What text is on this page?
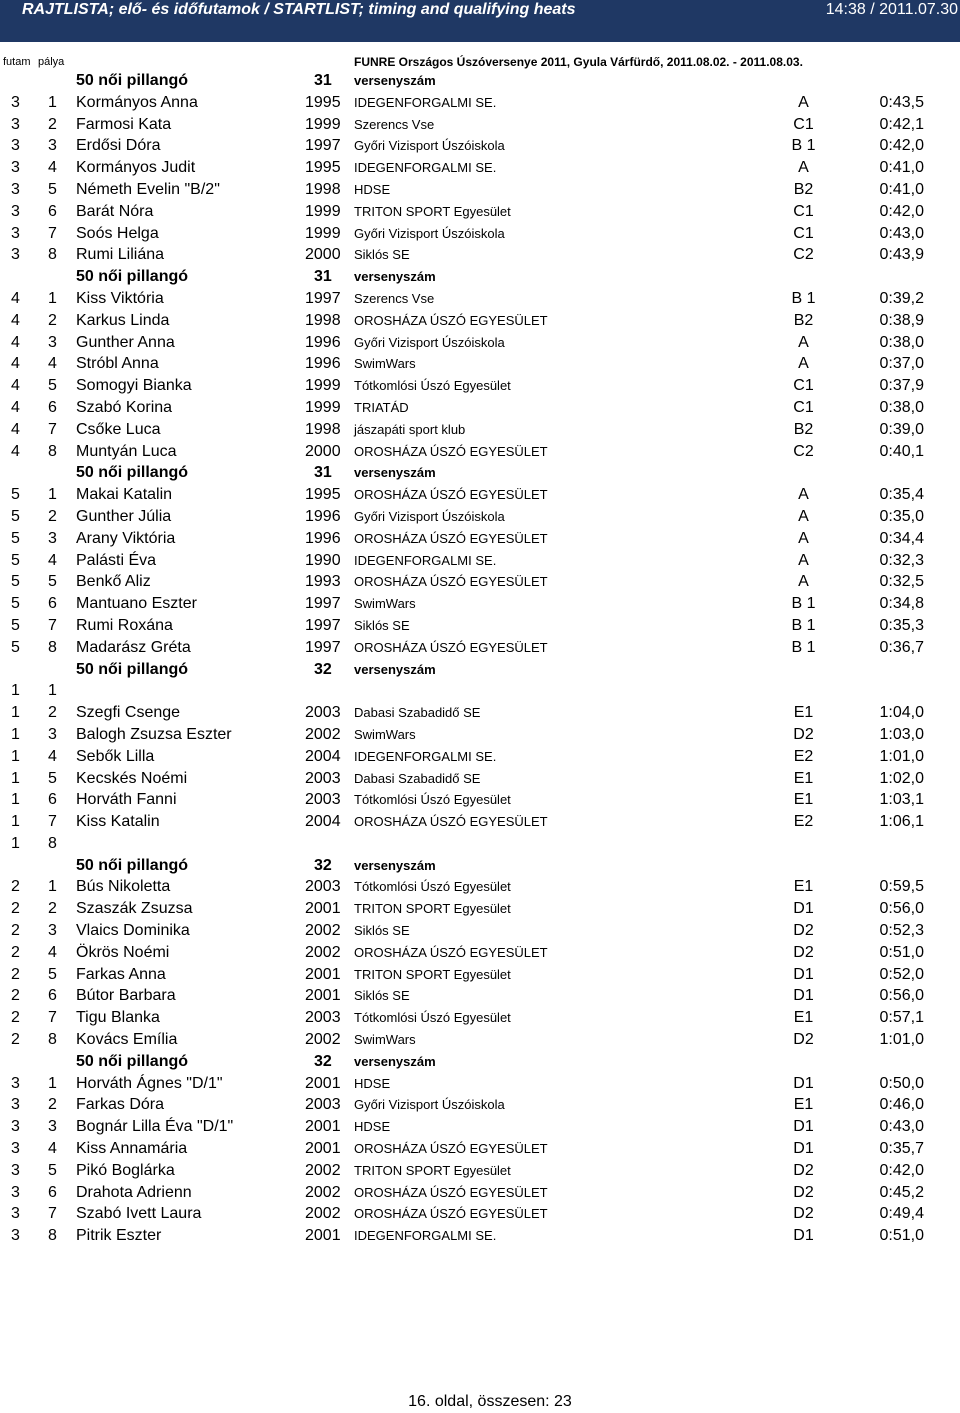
RAJTLISTA; elő- és időfutamok / STARTLIST; timing and qualifying heats	14:38 / 2011.07.30
futam pálya	FUNRE Országos Úszóversenye 2011, Gyula Várfürdő, 2011.08.02. - 2011.08.03.
50 női pillangó	31 versenyszám
3 1 Kormányos Anna	1995 IDEGENFORGALMI SE.	A	0:43,5
3 2 Farmosi Kata	1999 Szerencs Vse	C1	0:42,1
3 3 Erdősi Dóra	1997 Győri Vizisport Úszóiskola	B 1	0:42,0
3 4 Kormányos Judit	1995 IDEGENFORGALMI SE.	A	0:41,0
3 5 Németh Evelin "B/2"	1998 HDSE	B2	0:41,0
3 6 Barát Nóra	1999 TRITON SPORT Egyesület	C1	0:42,0
3 7 Soós Helga	1999 Győri Vizisport Úszóiskola	C1	0:43,0
3 8 Rumi Liliána	2000 Siklós SE	C2	0:43,9
50 női pillangó	31 versenyszám
4 1 Kiss Viktória	1997 Szerencs Vse	B 1	0:39,2
4 2 Karkus Linda	1998 OROSHÁZA ÚSZÓ EGYESÜLET	B2	0:38,9
4 3 Gunther Anna	1996 Győri Vizisport Úszóiskola	A	0:38,0
4 4 Stróbl Anna	1996 SwimWars	A	0:37,0
4 5 Somogyi Bianka	1999 Tótkomlósi Úszó Egyesület	C1	0:37,9
4 6 Szabó Korina	1999 TRIATÁD	C1	0:38,0
4 7 Csőke Luca	1998 jászapáti sport klub	B2	0:39,0
4 8 Muntyán Luca	2000 OROSHÁZA ÚSZÓ EGYESÜLET	C2	0:40,1
50 női pillangó	31 versenyszám
5 1 Makai Katalin	1995 OROSHÁZA ÚSZÓ EGYESÜLET	A	0:35,4
5 2 Gunther Júlia	1996 Győri Vizisport Úszóiskola	A	0:35,0
5 3 Arany Viktória	1996 OROSHÁZA ÚSZÓ EGYESÜLET	A	0:34,4
5 4 Palásti Éva	1990 IDEGENFORGALMI SE.	A	0:32,3
5 5 Benkő Aliz	1993 OROSHÁZA ÚSZÓ EGYESÜLET	A	0:32,5
5 6 Mantuano Eszter	1997 SwimWars	B 1	0:34,8
5 7 Rumi Roxána	1997 Siklós SE	B 1	0:35,3
5 8 Madarász Gréta	1997 OROSHÁZA ÚSZÓ EGYESÜLET	B 1	0:36,7
50 női pillangó	32 versenyszám
1 1
1 2 Szegfi Csenge	2003 Dabasi Szabadidő SE	E1	1:04,0
1 3 Balogh Zsuzsa Eszter	2002 SwimWars	D2	1:03,0
1 4 Sebők Lilla	2004 IDEGENFORGALMI SE.	E2	1:01,0
1 5 Kecskés Noémi	2003 Dabasi Szabadidő SE	E1	1:02,0
1 6 Horváth Fanni	2003 Tótkomlósi Úszó Egyesület	E1	1:03,1
1 7 Kiss Katalin	2004 OROSHÁZA ÚSZÓ EGYESÜLET	E2	1:06,1
1 8
50 női pillangó	32 versenyszám
2 1 Bús Nikoletta	2003 Tótkomlósi Úszó Egyesület	E1	0:59,5
2 2 Szaszák Zsuzsa	2001 TRITON SPORT Egyesület	D1	0:56,0
2 3 Vlaics Dominika	2002 Siklós SE	D2	0:52,3
2 4 Ökrös Noémi	2002 OROSHÁZA ÚSZÓ EGYESÜLET	D2	0:51,0
2 5 Farkas Anna	2001 TRITON SPORT Egyesület	D1	0:52,0
2 6 Bútor Barbara	2001 Siklós SE	D1	0:56,0
2 7 Tigu Blanka	2003 Tótkomlósi Úszó Egyesület	E1	0:57,1
2 8 Kovács Emília	2002 SwimWars	D2	1:01,0
50 női pillangó	32 versenyszám
3 1 Horváth Ágnes "D/1"	2001 HDSE	D1	0:50,0
3 2 Farkas Dóra	2003 Győri Vizisport Úszóiskola	E1	0:46,0
3 3 Bognár Lilla Éva "D/1"	2001 HDSE	D1	0:43,0
3 4 Kiss Annamária	2001 OROSHÁZA ÚSZÓ EGYESÜLET	D1	0:35,7
3 5 Pikó Boglárka	2002 TRITON SPORT Egyesület	D2	0:42,0
3 6 Drahota Adrienn	2002 OROSHÁZA ÚSZÓ EGYESÜLET	D2	0:45,2
3 7 Szabó Ivett Laura	2002 OROSHÁZA ÚSZÓ EGYESÜLET	D2	0:49,4
3 8 Pitrik Eszter	2001 IDEGENFORGALMI SE.	D1	0:51,0
16. oldal, összesen: 23
